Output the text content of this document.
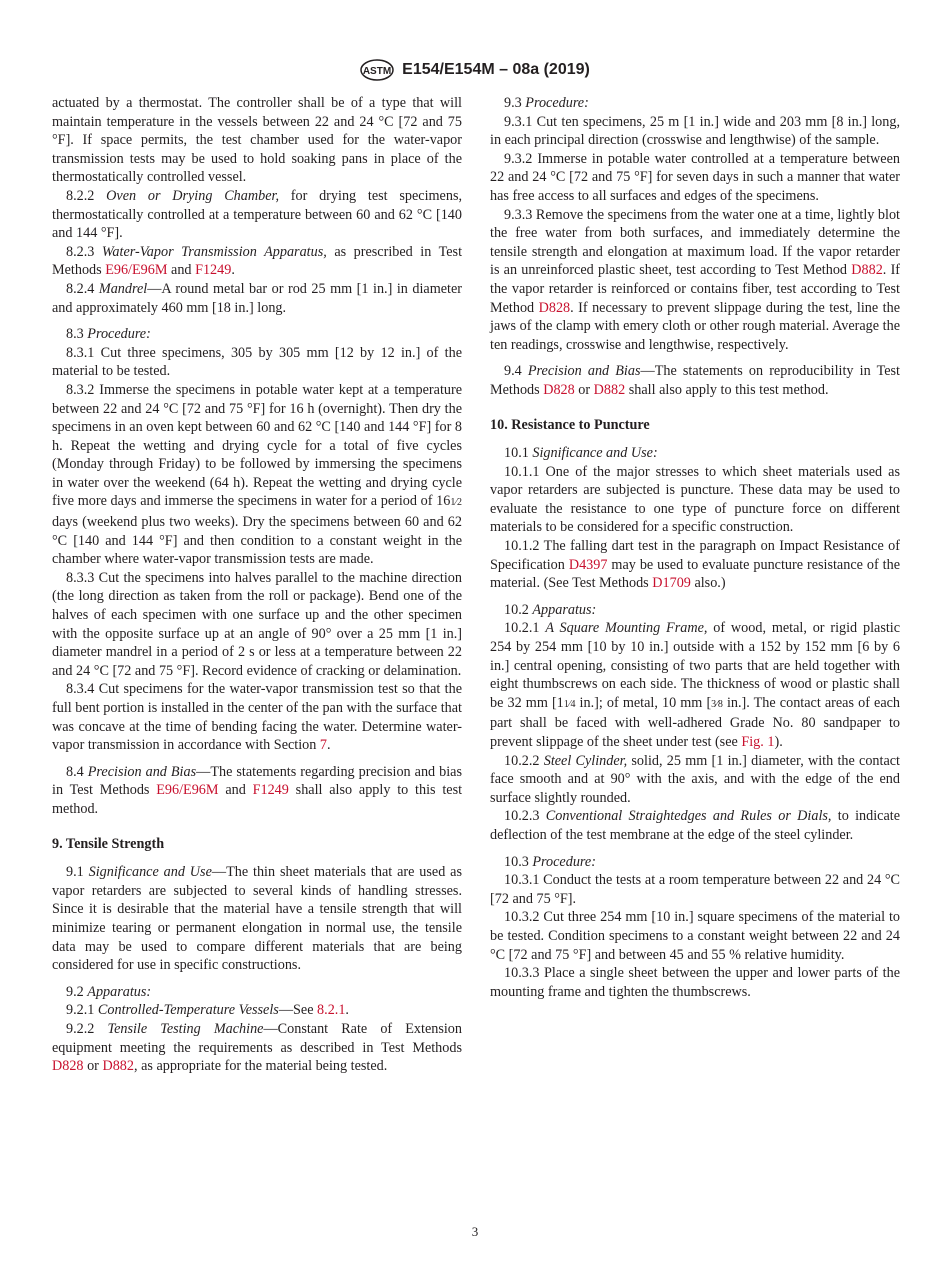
ASTM E154/E154M – 08a (2019)

actuated by a thermostat. The controller shall be of a type that will maintain temperature in the vessels between 22 and 24 °C [72 and 75 °F]. If space permits, the test chamber used for the water-vapor transmission tests may be used to hold soaking pans in place of the thermostatically controlled vessel.

8.2.2 Oven or Drying Chamber, for drying test specimens, thermostatically controlled at a temperature between 60 and 62 °C [140 and 144 °F].

8.2.3 Water-Vapor Transmission Apparatus, as prescribed in Test Methods E96/E96M and F1249.

8.2.4 Mandrel—A round metal bar or rod 25 mm [1 in.] in diameter and approximately 460 mm [18 in.] long.

8.3 Procedure:

8.3.1 Cut three specimens, 305 by 305 mm [12 by 12 in.] of the material to be tested.

8.3.2 Immerse the specimens in potable water kept at a temperature between 22 and 24 °C [72 and 75 °F] for 16 h (overnight). Then dry the specimens in an oven kept between 60 and 62 °C [140 and 144 °F] for 8 h. Repeat the wetting and drying cycle for a total of five cycles (Monday through Friday) to be followed by immersing the specimens in water over the weekend (64 h). Repeat the wetting and drying cycle five more days and immerse the specimens in water for a period of 161⁄2 days (weekend plus two weeks). Dry the specimens between 60 and 62 °C [140 and 144 °F] and then condition to a constant weight in the chamber where water-vapor transmission tests are made.

8.3.3 Cut the specimens into halves parallel to the machine direction (the long direction as taken from the roll or package). Bend one of the halves of each specimen with one surface up and the other specimen with the opposite surface up at an angle of 90° over a 25 mm [1 in.] diameter mandrel in a period of 2 s or less at a temperature between 22 and 24 °C [72 and 75 °F]. Record evidence of cracking or delamination.

8.3.4 Cut specimens for the water-vapor transmission test so that the full bent portion is installed in the center of the pan with the surface that was concave at the time of bending facing the water. Determine water-vapor transmission in accordance with Section 7.

8.4 Precision and Bias—The statements regarding precision and bias in Test Methods E96/E96M and F1249 shall also apply to this test method.

9. Tensile Strength

9.1 Significance and Use—The thin sheet materials that are used as vapor retarders are subjected to several kinds of handling stresses. Since it is desirable that the material have a tensile strength that will minimize tearing or permanent elongation in normal use, the tensile data may be used to compare different materials that are being considered for use in specific constructions.

9.2 Apparatus:

9.2.1 Controlled-Temperature Vessels—See 8.2.1.

9.2.2 Tensile Testing Machine—Constant Rate of Extension equipment meeting the requirements as described in Test Methods D828 or D882, as appropriate for the material being tested.

9.3 Procedure:

9.3.1 Cut ten specimens, 25 m [1 in.] wide and 203 mm [8 in.] long, in each principal direction (crosswise and lengthwise) of the sample.

9.3.2 Immerse in potable water controlled at a temperature between 22 and 24 °C [72 and 75 °F] for seven days in such a manner that water has free access to all surfaces and edges of the specimens.

9.3.3 Remove the specimens from the water one at a time, lightly blot the free water from both surfaces, and immediately determine the tensile strength and elongation at maximum load. If the vapor retarder is an unreinforced plastic sheet, test according to Test Method D882. If the vapor retarder is reinforced or contains fiber, test according to Test Method D828. If necessary to prevent slippage during the test, line the jaws of the clamp with emery cloth or other rough material. Average the ten readings, crosswise and lengthwise, respectively.

9.4 Precision and Bias—The statements on reproducibility in Test Methods D828 or D882 shall also apply to this test method.

10. Resistance to Puncture

10.1 Significance and Use:

10.1.1 One of the major stresses to which sheet materials used as vapor retarders are subjected is puncture. These data may be used to evaluate the resistance to one type of puncture force on different materials to be considered for a specific construction.

10.1.2 The falling dart test in the paragraph on Impact Resistance of Specification D4397 may be used to evaluate puncture resistance of the material. (See Test Methods D1709 also.)

10.2 Apparatus:

10.2.1 A Square Mounting Frame, of wood, metal, or rigid plastic 254 by 254 mm [10 by 10 in.] outside with a 152 by 152 mm [6 by 6 in.] central opening, consisting of two parts that are held together with eight thumbscrews on each side. The thickness of wood or plastic shall be 32 mm [11⁄4 in.]; of metal, 10 mm [3⁄8 in.]. The contact areas of each part shall be faced with well-adhered Grade No. 80 sandpaper to prevent slippage of the sheet under test (see Fig. 1).

10.2.2 Steel Cylinder, solid, 25 mm [1 in.] diameter, with the contact face smooth and at 90° with the axis, and with the edge of the end surface slightly rounded.

10.2.3 Conventional Straightedges and Rules or Dials, to indicate deflection of the test membrane at the edge of the steel cylinder.

10.3 Procedure:

10.3.1 Conduct the tests at a room temperature between 22 and 24 °C [72 and 75 °F].

10.3.2 Cut three 254 mm [10 in.] square specimens of the material to be tested. Condition specimens to a constant weight between 22 and 24 °C [72 and 75 °F] and between 45 and 55 % relative humidity.

10.3.3 Place a single sheet between the upper and lower parts of the mounting frame and tighten the thumbscrews.

3
